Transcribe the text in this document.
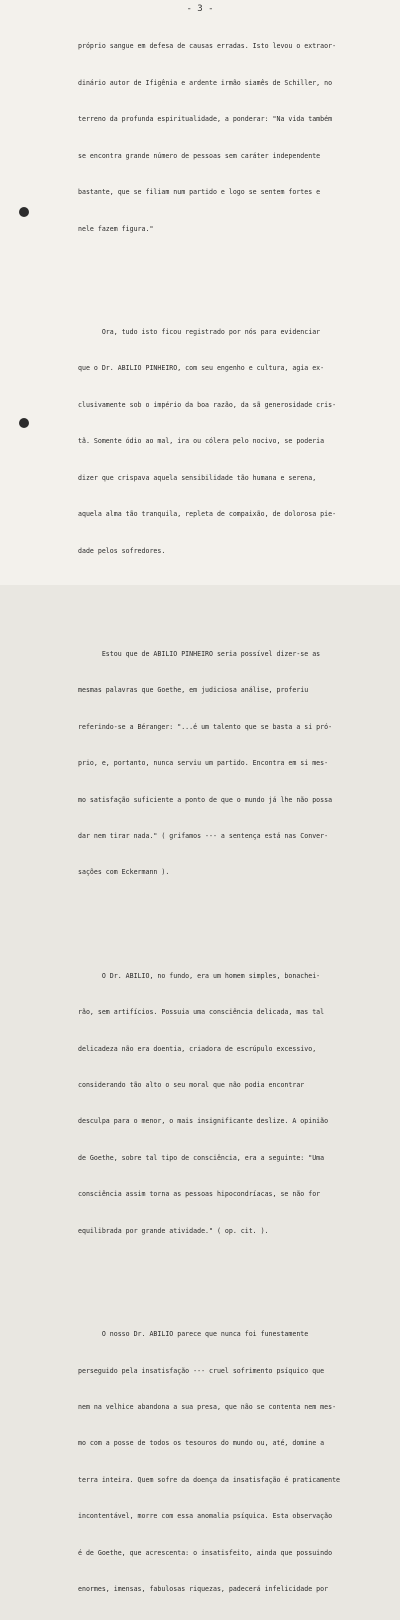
- 3 -

próprio sangue em defesa de causas erradas. Isto levou o extraor-

dinário autor de Ifigênia e ardente irmão siamês de Schiller, no

terreno da profunda espiritualidade, a ponderar: "Na vida também

se encontra grande número de pessoas sem caráter independente

bastante, que se filiam num partido e logo se sentem fortes e

nele fazem figura."

Ora, tudo isto ficou registrado por nós para evidenciar

que o Dr. ABILIO PINHEIRO, com seu engenho e cultura, agia ex-

clusivamente sob o império da boa razão, da sã generosidade cris-

tã. Somente ódio ao mal, ira ou cólera pelo nocivo, se poderia

dizer que crispava aquela sensibilidade tão humana e serena,

aquela alma tão tranquila, repleta de compaixão, de dolorosa pie-

dade pelos sofredores.

Estou que de ABILIO PINHEIRO seria possível dizer-se as

mesmas palavras que Goethe, em judiciosa análise, proferiu

referindo-se a Béranger: "...é um talento que se basta a si pró-

prio, e, portanto, nunca serviu um partido. Encontra em si mes-

mo satisfação suficiente a ponto de que o mundo já lhe não possa

dar nem tirar nada." ( grifamos --- a sentença está nas Conver-

sações com Eckermann ).

O Dr. ABILIO, no fundo, era um homem simples, bonachei-

rão, sem artifícios. Possuia uma consciência delicada, mas tal

delicadeza não era doentia, criadora de escrúpulo excessivo,

considerando tão alto o seu moral que não podia encontrar

desculpa para o menor, o mais insignificante deslize. A opinião

de Goethe, sobre tal tipo de consciência, era a seguinte: "Uma

consciência assim torna as pessoas hipocondríacas, se não for

equilibrada por grande atividade." ( op. cit. ).

O nosso Dr. ABILIO parece que nunca foi funestamente

perseguido pela insatisfação --- cruel sofrimento psíquico que

nem na velhice abandona a sua presa, que não se contenta nem mes-

mo com a posse de todos os tesouros do mundo ou, até, domine a

terra inteira. Quem sofre da doença da insatisfação é praticamente

incontentável, morre com essa anomalia psíquica. Esta observação

é de Goethe, que acrescenta: o insatisfeito, ainda que possuindo

enormes, imensas, fabulosas riquezas, padecerá infelicidade por
